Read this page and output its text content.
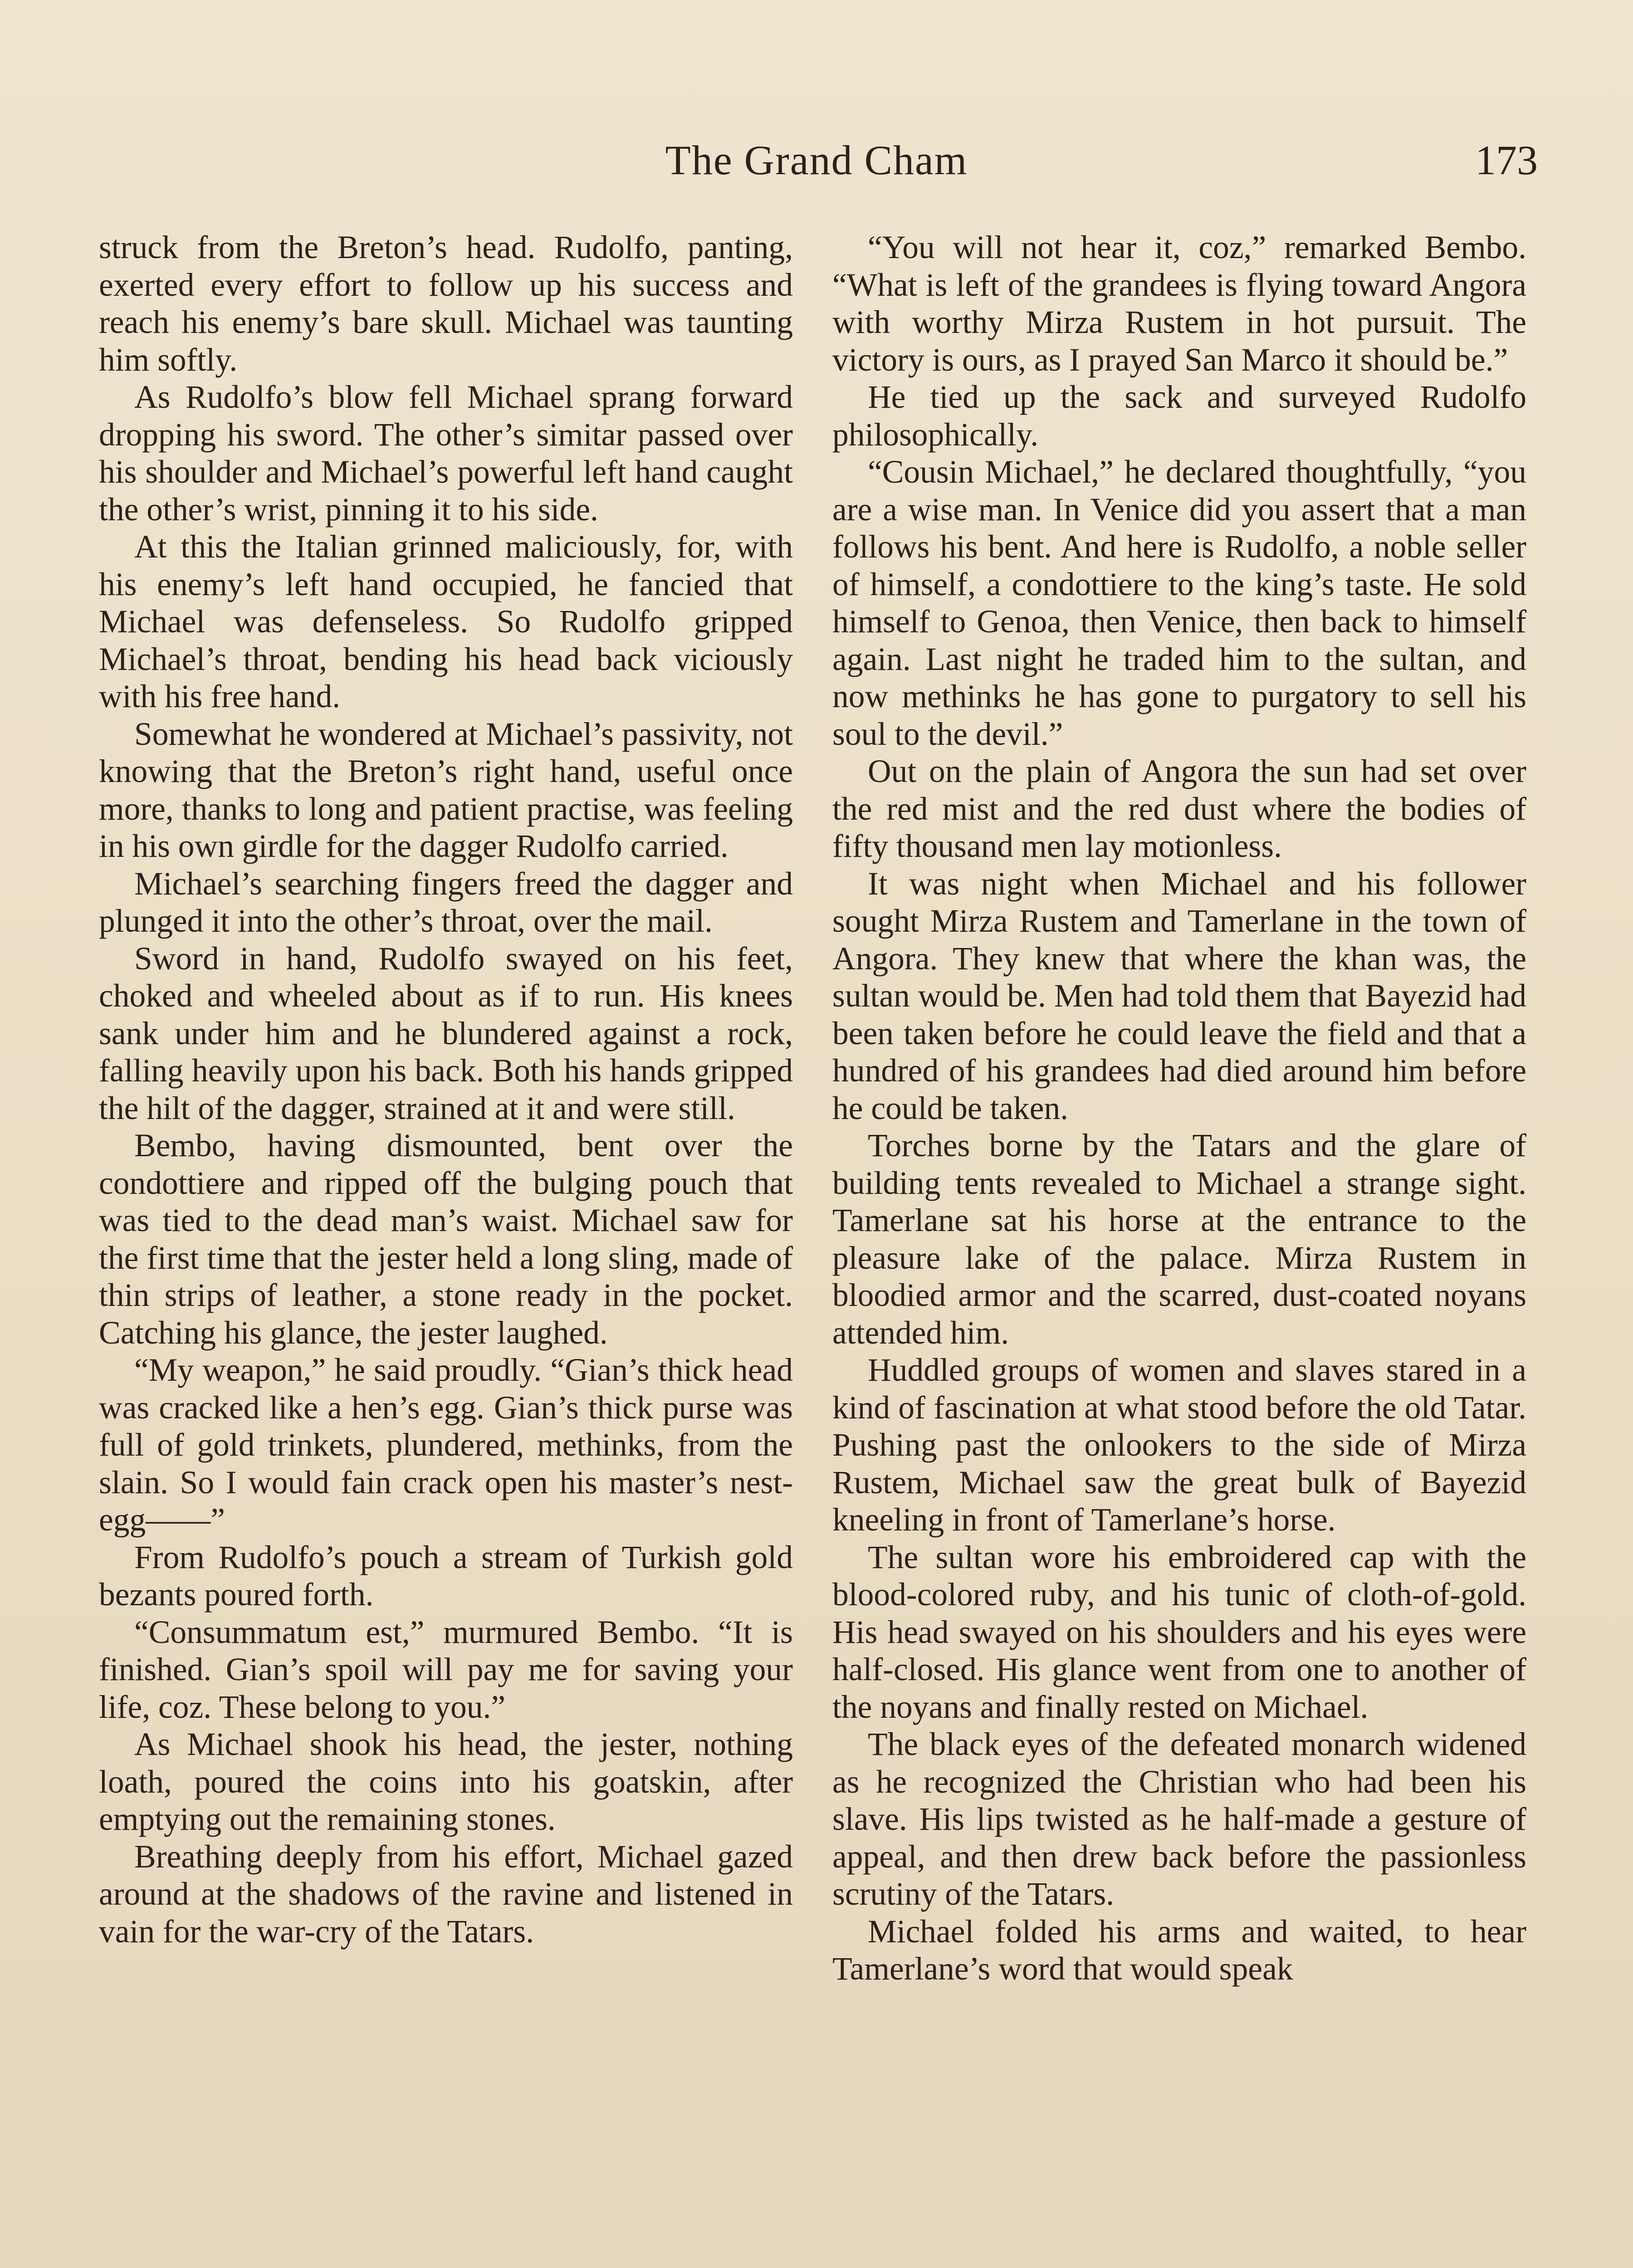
The Grand Cham	173

struck from the Breton’s head. Rudolfo, panting, exerted every effort to follow up his success and reach his enemy’s bare skull. Michael was taunting him softly.

As Rudolfo’s blow fell Michael sprang forward dropping his sword. The other’s simitar passed over his shoulder and Michael’s powerful left hand caught the other’s wrist, pinning it to his side.

At this the Italian grinned maliciously, for, with his enemy’s left hand occupied, he fancied that Michael was defenseless. So Rudolfo gripped Michael’s throat, bending his head back viciously with his free hand.

Somewhat he wondered at Michael’s passivity, not knowing that the Breton’s right hand, useful once more, thanks to long and patient practise, was feeling in his own girdle for the dagger Rudolfo carried.

Michael’s searching fingers freed the dagger and plunged it into the other’s throat, over the mail.

Sword in hand, Rudolfo swayed on his feet, choked and wheeled about as if to run. His knees sank under him and he blundered against a rock, falling heavily upon his back. Both his hands gripped the hilt of the dagger, strained at it and were still.

Bembo, having dismounted, bent over the condottiere and ripped off the bulging pouch that was tied to the dead man’s waist. Michael saw for the first time that the jester held a long sling, made of thin strips of leather, a stone ready in the pocket. Catching his glance, the jester laughed.

“My weapon,” he said proudly. “Gian’s thick head was cracked like a hen’s egg. Gian’s thick purse was full of gold trinkets, plundered, methinks, from the slain. So I would fain crack open his master’s nest-egg——”

From Rudolfo’s pouch a stream of Turkish gold bezants poured forth.

“Consummatum est,” murmured Bembo. “It is finished. Gian’s spoil will pay me for saving your life, coz. These belong to you.”

As Michael shook his head, the jester, nothing loath, poured the coins into his goatskin, after emptying out the remaining stones.

Breathing deeply from his effort, Michael gazed around at the shadows of the ravine and listened in vain for the war-cry of the Tatars.

“You will not hear it, coz,” remarked Bembo. “What is left of the grandees is flying toward Angora with worthy Mirza Rustem in hot pursuit. The victory is ours, as I prayed San Marco it should be.”

He tied up the sack and surveyed Rudolfo philosophically.

“Cousin Michael,” he declared thoughtfully, “you are a wise man. In Venice did you assert that a man follows his bent. And here is Rudolfo, a noble seller of himself, a condottiere to the king’s taste. He sold himself to Genoa, then Venice, then back to himself again. Last night he traded him to the sultan, and now methinks he has gone to purgatory to sell his soul to the devil.”

Out on the plain of Angora the sun had set over the red mist and the red dust where the bodies of fifty thousand men lay motionless.

It was night when Michael and his follower sought Mirza Rustem and Tamerlane in the town of Angora. They knew that where the khan was, the sultan would be. Men had told them that Bayezid had been taken before he could leave the field and that a hundred of his grandees had died around him before he could be taken.

Torches borne by the Tatars and the glare of building tents revealed to Michael a strange sight. Tamerlane sat his horse at the entrance to the pleasure lake of the palace. Mirza Rustem in bloodied armor and the scarred, dust-coated noyans attended him.

Huddled groups of women and slaves stared in a kind of fascination at what stood before the old Tatar. Pushing past the onlookers to the side of Mirza Rustem, Michael saw the great bulk of Bayezid kneeling in front of Tamerlane’s horse.

The sultan wore his embroidered cap with the blood-colored ruby, and his tunic of cloth-of-gold. His head swayed on his shoulders and his eyes were half-closed. His glance went from one to another of the noyans and finally rested on Michael.

The black eyes of the defeated monarch widened as he recognized the Christian who had been his slave. His lips twisted as he half-made a gesture of appeal, and then drew back before the passionless scrutiny of the Tatars.

Michael folded his arms and waited, to hear Tamerlane’s word that would speak
